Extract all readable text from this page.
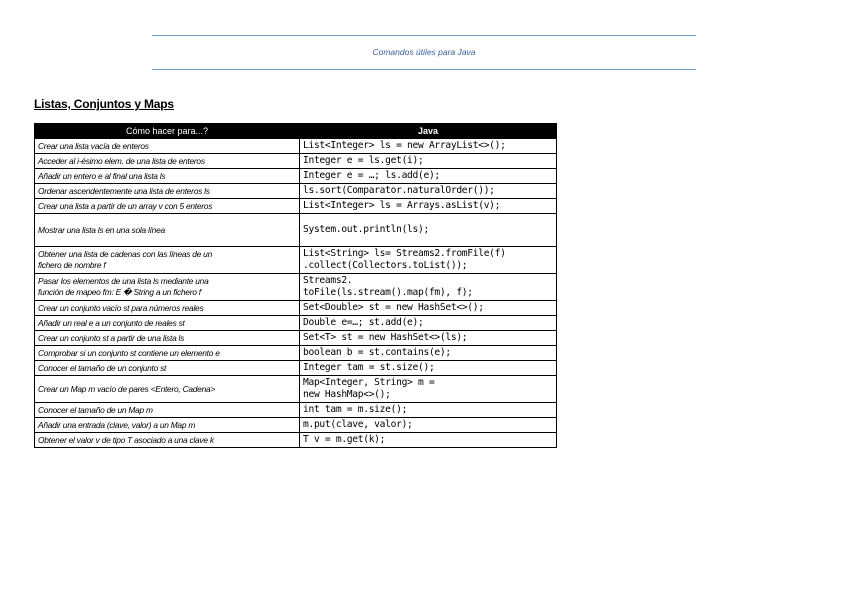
Comandos útiles para Java
Listas, Conjuntos y Maps
Cómo hacer para...?	Java
Crear una lista vacía de enteros	List<Integer> ls = new ArrayList<>();
Acceder al i-ésimo elem. de una lista de enteros	Integer e = ls.get(i);
Añadir un entero e al final una lista ls	Integer e = …; ls.add(e);
Ordenar ascendentemente una lista de enteros ls	ls.sort(Comparator.naturalOrder());
Crear una lista a partir de un array v con 5 enteros	List<Integer> ls = Arrays.asList(v);
Mostrar una lista ls en una sola línea	System.out.println(ls);
Obtener una lista de cadenas con las líneas de un
fichero de nombre f	List<String> ls= Streams2.fromFile(f)
.collect(Collectors.toList());
Pasar los elementos de una lista ls mediante una
función de mapeo fm: E � String a un fichero f	Streams2.
toFile(ls.stream().map(fm), f);
Crear un conjunto vacío st para números reales	Set<Double> st = new HashSet<>();
Añadir un real e a un conjunto de reales st	Double e=…; st.add(e);
Crear un conjunto st a partir de una lista ls	Set<T> st = new HashSet<>(ls);
Comprobar si un conjunto st contiene un elemento e	boolean b = st.contains(e);
Conocer el tamaño de un conjunto st	Integer tam = st.size();
Crear un Map m vacío de pares <Entero, Cadena>	Map<Integer, String> m =
new HashMap<>();
Conocer el tamaño de un Map m	int tam = m.size();
Añadir una entrada (clave, valor) a un Map m	m.put(clave, valor);
Obtener el valor v de tipo T asociado a una clave k	T v = m.get(k);
